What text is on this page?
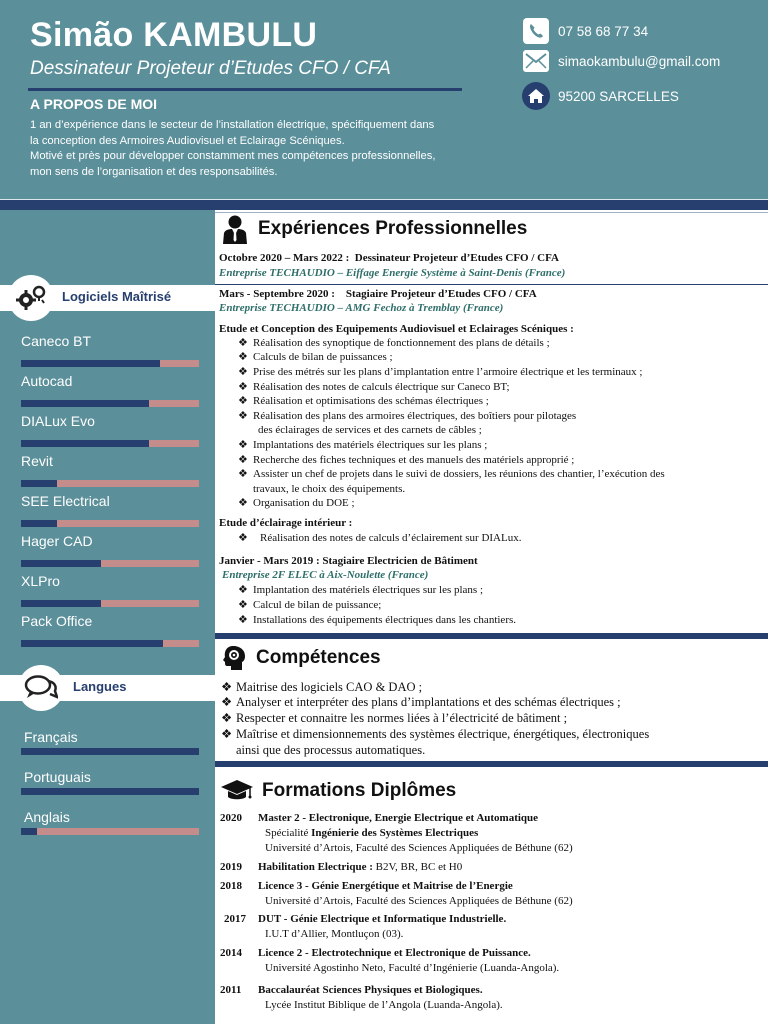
Simão KAMBULU
Dessinateur Projeteur d’Etudes CFO / CFA
A PROPOS DE MOI
1 an d’expérience dans le secteur de l’installation électrique, spécifiquement dans
la conception des Armoires Audiovisuel et Eclairage Scéniques.
Motivé et près pour développer constamment mes compétences professionnelles,
mon sens de l’organisation et des responsabilités.
07 58 68 77 34
simaokambulu@gmail.com
95200 SARCELLES
Logiciels Maîtrisé
Caneco BT
Autocad
DIALux Evo
Revit
SEE Electrical
Hager CAD
XLPro
Pack Office
Langues
Français
Portuguais
Anglais
Expériences Professionnelles
Octobre 2020 – Mars 2022 : Dessinateur Projeteur d’Etudes CFO / CFA
Entreprise TECHAUDIO – Eiffage Energie Système à Saint-Denis (France)
Mars - Septembre 2020 : Stagiaire Projeteur d’Etudes CFO / CFA
Entreprise TECHAUDIO – AMG Fechoz à Tremblay (France)
Etude et Conception des Equipements Audiovisuel et Eclairages Scéniques :
❖ Réalisation des synoptique de fonctionnement des plans de détails ;
❖ Calculs de bilan de puissances ;
❖ Prise des métrés sur les plans d’implantation entre l’armoire électrique et les terminaux ;
❖ Réalisation des notes de calculs électrique sur Caneco BT;
❖ Réalisation et optimisations des schémas électriques ;
❖ Réalisation des plans des armoires électriques, des boîtiers pour pilotages
des éclairages de services et des carnets de câbles ;
❖ Implantations des matériels électriques sur les plans ;
❖ Recherche des fiches techniques et des manuels des matériels approprié ;
❖ Assister un chef de projets dans le suivi de dossiers, les réunions des chantier, l’exécution des
travaux, le choix des équipements.
❖ Organisation du DOE ;
Etude d’éclairage intérieur :
❖ Réalisation des notes de calculs d’éclairement sur DIALux.
Janvier - Mars 2019 : Stagiaire Electricien de Bâtiment
Entreprise 2F ELEC à Aix-Noulette (France)
❖ Implantation des matériels électriques sur les plans ;
❖ Calcul de bilan de puissance;
❖ Installations des équipements électriques dans les chantiers.
Compétences
❖ Maitrise des logiciels CAO & DAO ;
❖ Analyser et interpréter des plans d’implantations et des schémas électriques ;
❖ Respecter et connaitre les normes liées à l’électricité de bâtiment ;
❖ Maîtrise et dimensionnements des systèmes électrique, énergétiques, électroniques
ainsi que des processus automatiques.
Formations Diplômes
2020 Master 2 - Electronique, Energie Electrique et Automatique
Spécialité Ingénierie des Systèmes Electriques
Université d’Artois, Faculté des Sciences Appliquées de Béthune (62)
2019 Habilitation Electrique : B2V, BR, BC et H0
2018 Licence 3 - Génie Energétique et Maitrise de l’Energie
Université d’Artois, Faculté des Sciences Appliquées de Béthune (62)
2017 DUT - Génie Electrique et Informatique Industrielle.
I.U.T d’Allier, Montluçon (03).
2014 Licence 2 - Electrotechnique et Electronique de Puissance.
Université Agostinho Neto, Faculté d’Ingénierie (Luanda-Angola).
2011 Baccalauréat Sciences Physiques et Biologiques.
Lycée Institut Biblique de l’Angola (Luanda-Angola).
